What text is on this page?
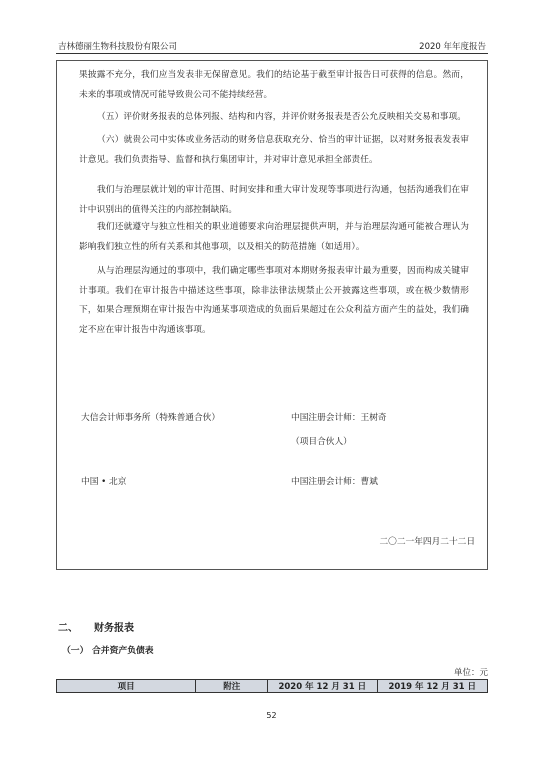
吉林德丽生物科技股份有限公司	2020 年年度报告

果披露不充分，我们应当发表非无保留意见。我们的结论基于截至审计报告日可获得的信息。然而，未来的事项或情况可能导致贵公司不能持续经营。

（五）评价财务报表的总体列报、结构和内容，并评价财务报表是否公允反映相关交易和事项。

（六）就贵公司中实体或业务活动的财务信息获取充分、恰当的审计证据，以对财务报表发表审计意见。我们负责指导、监督和执行集团审计，并对审计意见承担全部责任。

我们与治理层就计划的审计范围、时间安排和重大审计发现等事项进行沟通，包括沟通我们在审计中识别出的值得关注的内部控制缺陷。

我们还就遵守与独立性相关的职业道德要求向治理层提供声明，并与治理层沟通可能被合理认为影响我们独立性的所有关系和其他事项，以及相关的防范措施（如适用）。

从与治理层沟通过的事项中，我们确定哪些事项对本期财务报表审计最为重要，因而构成关键审计事项。我们在审计报告中描述这些事项，除非法律法规禁止公开披露这些事项，或在极少数情形下，如果合理预期在审计报告中沟通某事项造成的负面后果超过在公众利益方面产生的益处，我们确定不应在审计报告中沟通该事项。

大信会计师事务所（特殊普通合伙）	中国注册会计师：王树奇
（项目合伙人）
中国 • 北京	中国注册会计师：曹斌
二〇二一年四月二十二日
二、 财务报表
（一） 合并资产负债表
单位：元
项目	附注	2020 年 12 月 31 日	2019 年 12 月 31 日
52
